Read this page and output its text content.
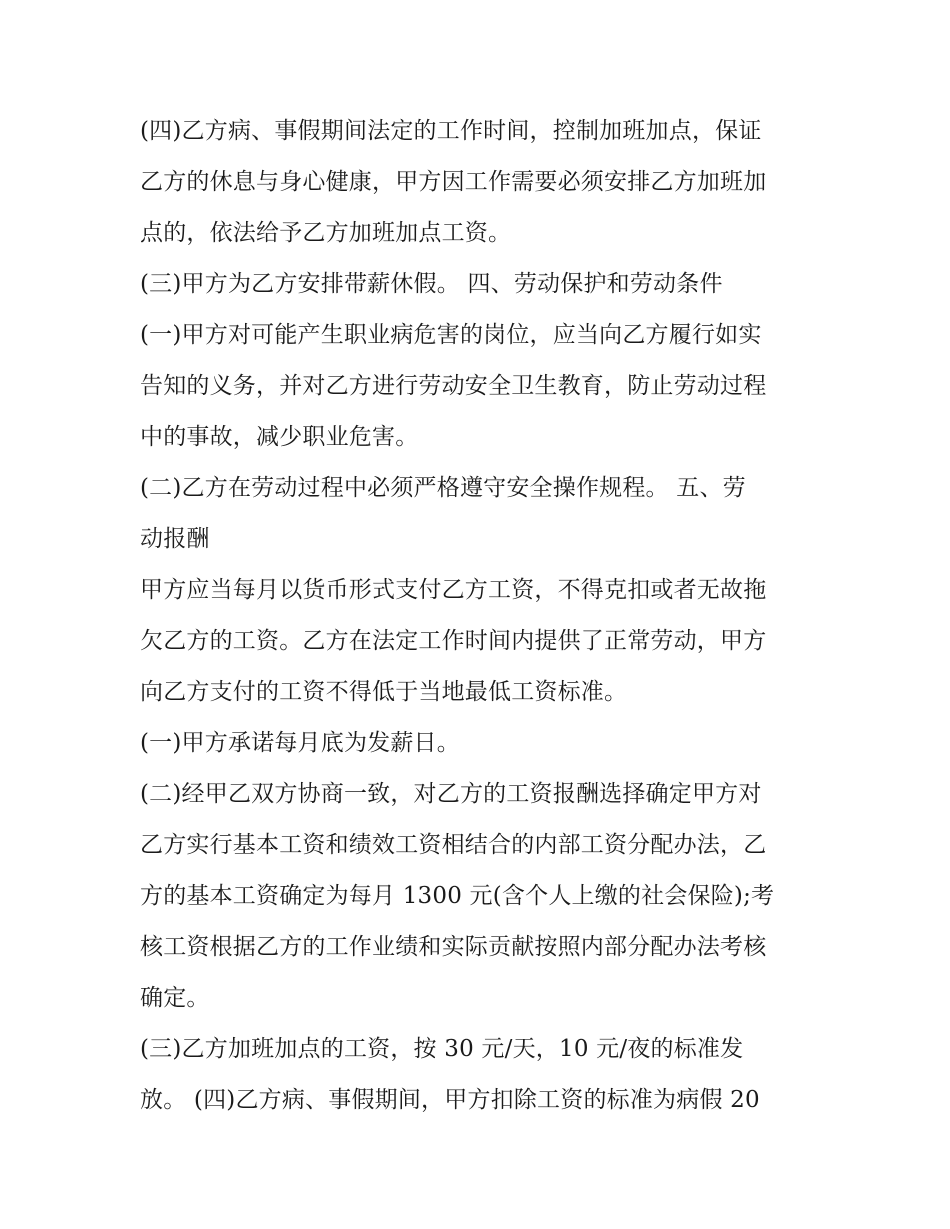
(四)乙方病、事假期间法定的工作时间，控制加班加点，保证
乙方的休息与身心健康，甲方因工作需要必须安排乙方加班加
点的，依法给予乙方加班加点工资。
(三)甲方为乙方安排带薪休假。 四、劳动保护和劳动条件
(一)甲方对可能产生职业病危害的岗位，应当向乙方履行如实
告知的义务，并对乙方进行劳动安全卫生教育，防止劳动过程
中的事故，减少职业危害。
(二)乙方在劳动过程中必须严格遵守安全操作规程。 五、劳
动报酬
甲方应当每月以货币形式支付乙方工资，不得克扣或者无故拖
欠乙方的工资。乙方在法定工作时间内提供了正常劳动，甲方
向乙方支付的工资不得低于当地最低工资标准。
(一)甲方承诺每月底为发薪日。
(二)经甲乙双方协商一致，对乙方的工资报酬选择确定甲方对
乙方实行基本工资和绩效工资相结合的内部工资分配办法，乙
方的基本工资确定为每月 1300 元(含个人上缴的社会保险);考
核工资根据乙方的工作业绩和实际贡献按照内部分配办法考核
确定。
(三)乙方加班加点的工资，按 30 元/天，10 元/夜的标准发
放。 (四)乙方病、事假期间，甲方扣除工资的标准为病假 20
